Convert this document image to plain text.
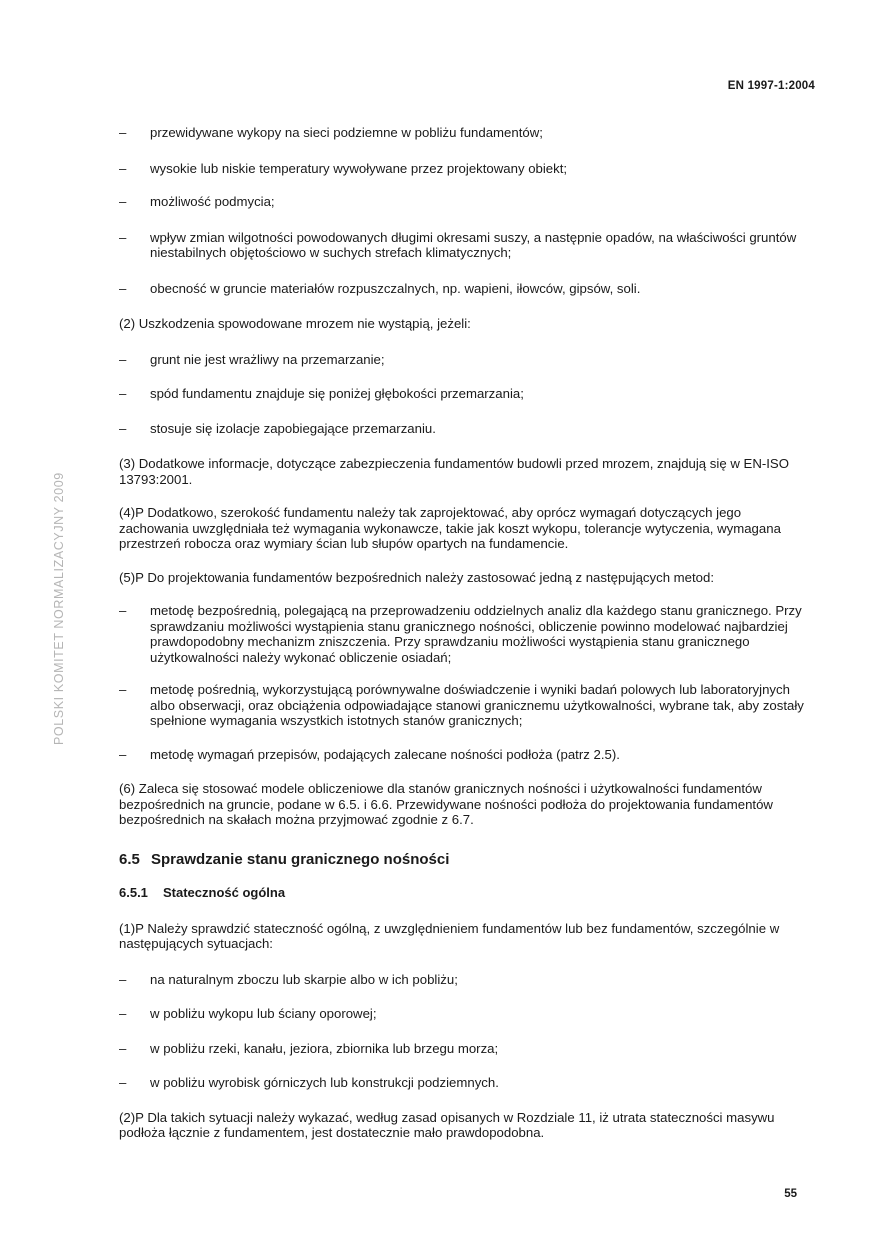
EN 1997-1:2004
POLSKI KOMITET NORMALIZACYJNY 2009
– przewidywane wykopy na sieci podziemne w pobliżu fundamentów;
– wysokie lub niskie temperatury wywoływane przez projektowany obiekt;
– możliwość podmycia;
– wpływ zmian wilgotności powodowanych długimi okresami suszy, a następnie opadów, na właściwości gruntów niestabilnych objętościowo w suchych strefach klimatycznych;
– obecność w gruncie materiałów rozpuszczalnych, np. wapieni, iłowców, gipsów, soli.
(2) Uszkodzenia spowodowane mrozem nie wystąpią, jeżeli:
– grunt nie jest wrażliwy na przemarzanie;
– spód fundamentu znajduje się poniżej głębokości przemarzania;
– stosuje się izolacje zapobiegające przemarzaniu.
(3) Dodatkowe informacje, dotyczące zabezpieczenia fundamentów budowli przed mrozem, znajdują się w EN-ISO 13793:2001.
(4)P Dodatkowo, szerokość fundamentu należy tak zaprojektować, aby oprócz wymagań dotyczących jego zachowania uwzględniała też wymagania wykonawcze, takie jak koszt wykopu, tolerancje wytyczenia, wymagana przestrzeń robocza oraz wymiary ścian lub słupów opartych na fundamencie.
(5)P Do projektowania fundamentów bezpośrednich należy zastosować jedną z następujących metod:
– metodę bezpośrednią, polegającą na przeprowadzeniu oddzielnych analiz dla każdego stanu granicznego. Przy sprawdzaniu możliwości wystąpienia stanu granicznego nośności, obliczenie powinno modelować najbardziej prawdopodobny mechanizm zniszczenia. Przy sprawdzaniu możliwości wystąpienia stanu granicznego użytkowalności należy wykonać obliczenie osiadań;
– metodę pośrednią, wykorzystującą porównywalne doświadczenie i wyniki badań polowych lub laboratoryjnych albo obserwacji, oraz obciążenia odpowiadające stanowi granicznemu użytkowalności, wybrane tak, aby zostały spełnione wymagania wszystkich istotnych stanów granicznych;
– metodę wymagań przepisów, podających zalecane nośności podłoża (patrz 2.5).
(6) Zaleca się stosować modele obliczeniowe dla stanów granicznych nośności i użytkowalności fundamentów bezpośrednich na gruncie, podane w 6.5. i 6.6. Przewidywane nośności podłoża do projektowania fundamentów bezpośrednich na skałach można przyjmować zgodnie z 6.7.
6.5 Sprawdzanie stanu granicznego nośności
6.5.1 Stateczność ogólna
(1)P Należy sprawdzić stateczność ogólną, z uwzględnieniem fundamentów lub bez fundamentów, szczególnie w następujących sytuacjach:
– na naturalnym zboczu lub skarpie albo w ich pobliżu;
– w pobliżu wykopu lub ściany oporowej;
– w pobliżu rzeki, kanału, jeziora, zbiornika lub brzegu morza;
– w pobliżu wyrobisk górniczych lub konstrukcji podziemnych.
(2)P Dla takich sytuacji należy wykazać, według zasad opisanych w Rozdziale 11, iż utrata stateczności masywu podłoża łącznie z fundamentem, jest dostatecznie mało prawdopodobna.
55
